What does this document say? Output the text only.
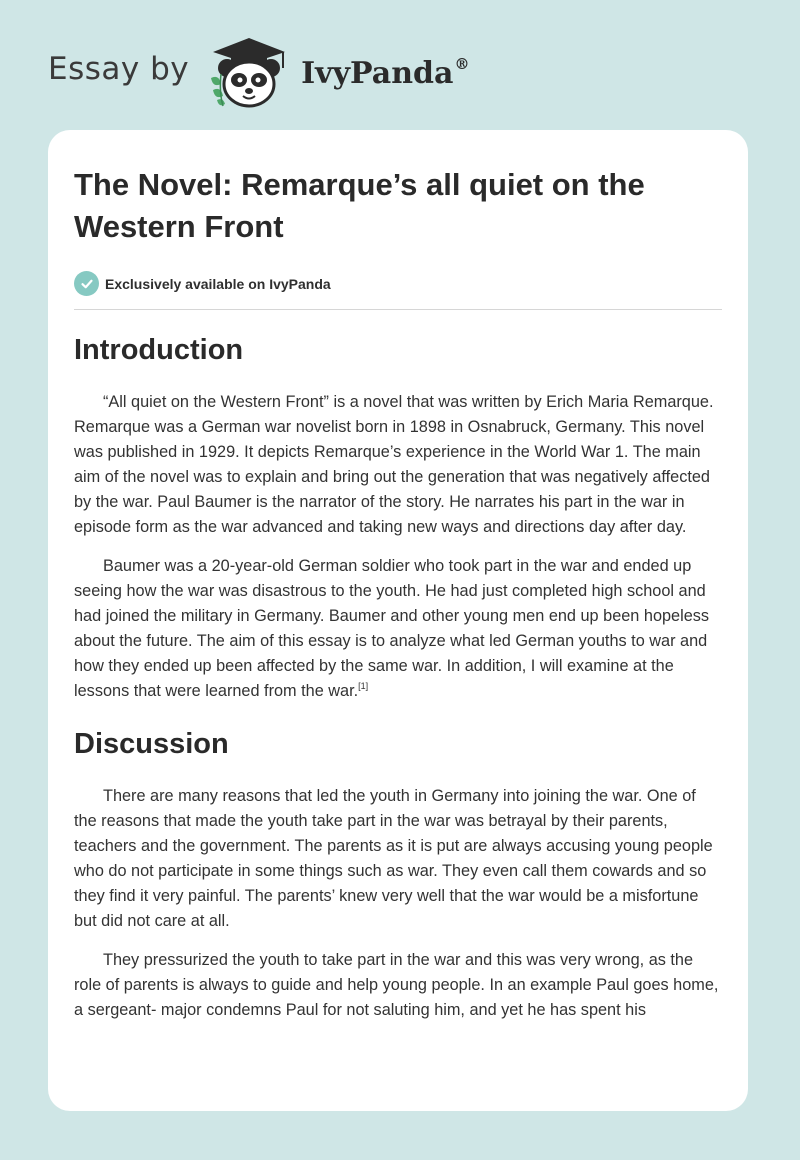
Essay by	IvyPanda®
The Novel: Remarque’s all quiet on the Western Front
Exclusively available on IvyPanda
Introduction

“All quiet on the Western Front” is a novel that was written by Erich Maria Remarque. Remarque was a German war novelist born in 1898 in Osnabruck, Germany. This novel was published in 1929. It depicts Remarque’s experience in the World War 1. The main aim of the novel was to explain and bring out the generation that was negatively affected by the war. Paul Baumer is the narrator of the story. He narrates his part in the war in episode form as the war advanced and taking new ways and directions day after day.

Baumer was a 20-year-old German soldier who took part in the war and ended up seeing how the war was disastrous to the youth. He had just completed high school and had joined the military in Germany. Baumer and other young men end up been hopeless about the future. The aim of this essay is to analyze what led German youths to war and how they ended up been affected by the same war. In addition, I will examine at the lessons that were learned from the war.[1]

Discussion

There are many reasons that led the youth in Germany into joining the war. One of the reasons that made the youth take part in the war was betrayal by their parents, teachers and the government. The parents as it is put are always accusing young people who do not participate in some things such as war. They even call them cowards and so they find it very painful. The parents’ knew very well that the war would be a misfortune but did not care at all.

They pressurized the youth to take part in the war and this was very wrong, as the role of parents is always to guide and help young people. In an example Paul goes home, a sergeant- major condemns Paul for not saluting him, and yet he has spent his
